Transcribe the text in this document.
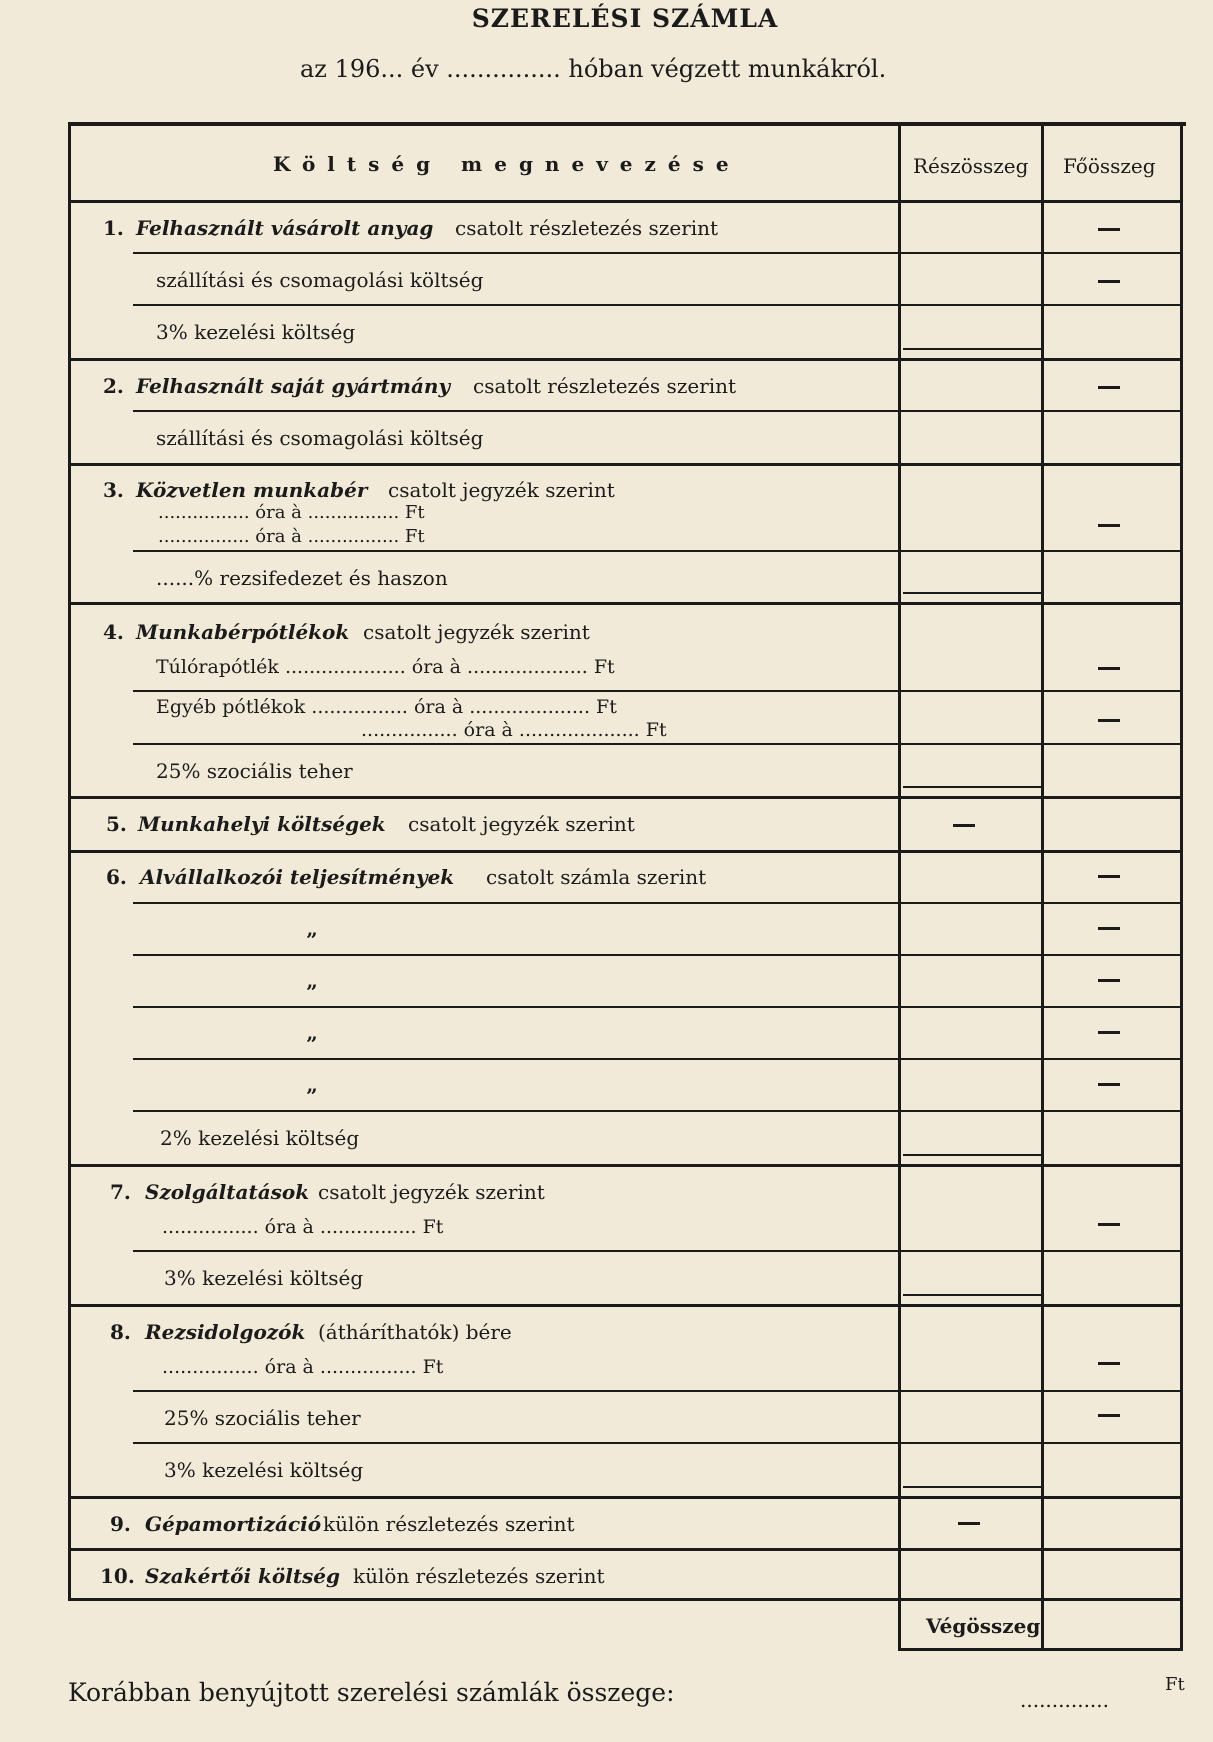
SZERELÉSI SZÁMLA
az 196... év ............... hóban végzett munkákról.
Költség megnevezése	Részösszeg Főösszeg
1. Felhasznált vásárolt anyag csatolt részletezés szerint
szállítási és csomagolási költség
3% kezelési költség
2. Felhasznált saját gyártmány csatolt részletezés szerint
szállítási és csomagolási költség
3. Közvetlen munkabér csatolt jegyzék szerint
................ óra à ................ Ft
................ óra à ................ Ft
......% rezsifedezet és haszon
4. Munkabérpótlékok csatolt jegyzék szerint
Túlórapótlék .................... óra à .................... Ft
Egyéb pótlékok ................ óra à .................... Ft
................ óra à .................... Ft
25% szociális teher
5. Munkahelyi költségek csatolt jegyzék szerint
6. Alvállalkozói teljesítmények csatolt számla szerint
”
”
”
”
2% kezelési költség
7. Szolgáltatások csatolt jegyzék szerint
................ óra à ................ Ft
3% kezelési költség
8. Rezsidolgozók (átháríthatók) bére
................ óra à ................ Ft
25% szociális teher
3% kezelési költség
9. Gépamortizáció külön részletezés szerint
10. Szakértői költség külön részletezés szerint
Végösszeg
Korábban benyújtott szerelési számlák összege:	..............
Ft
